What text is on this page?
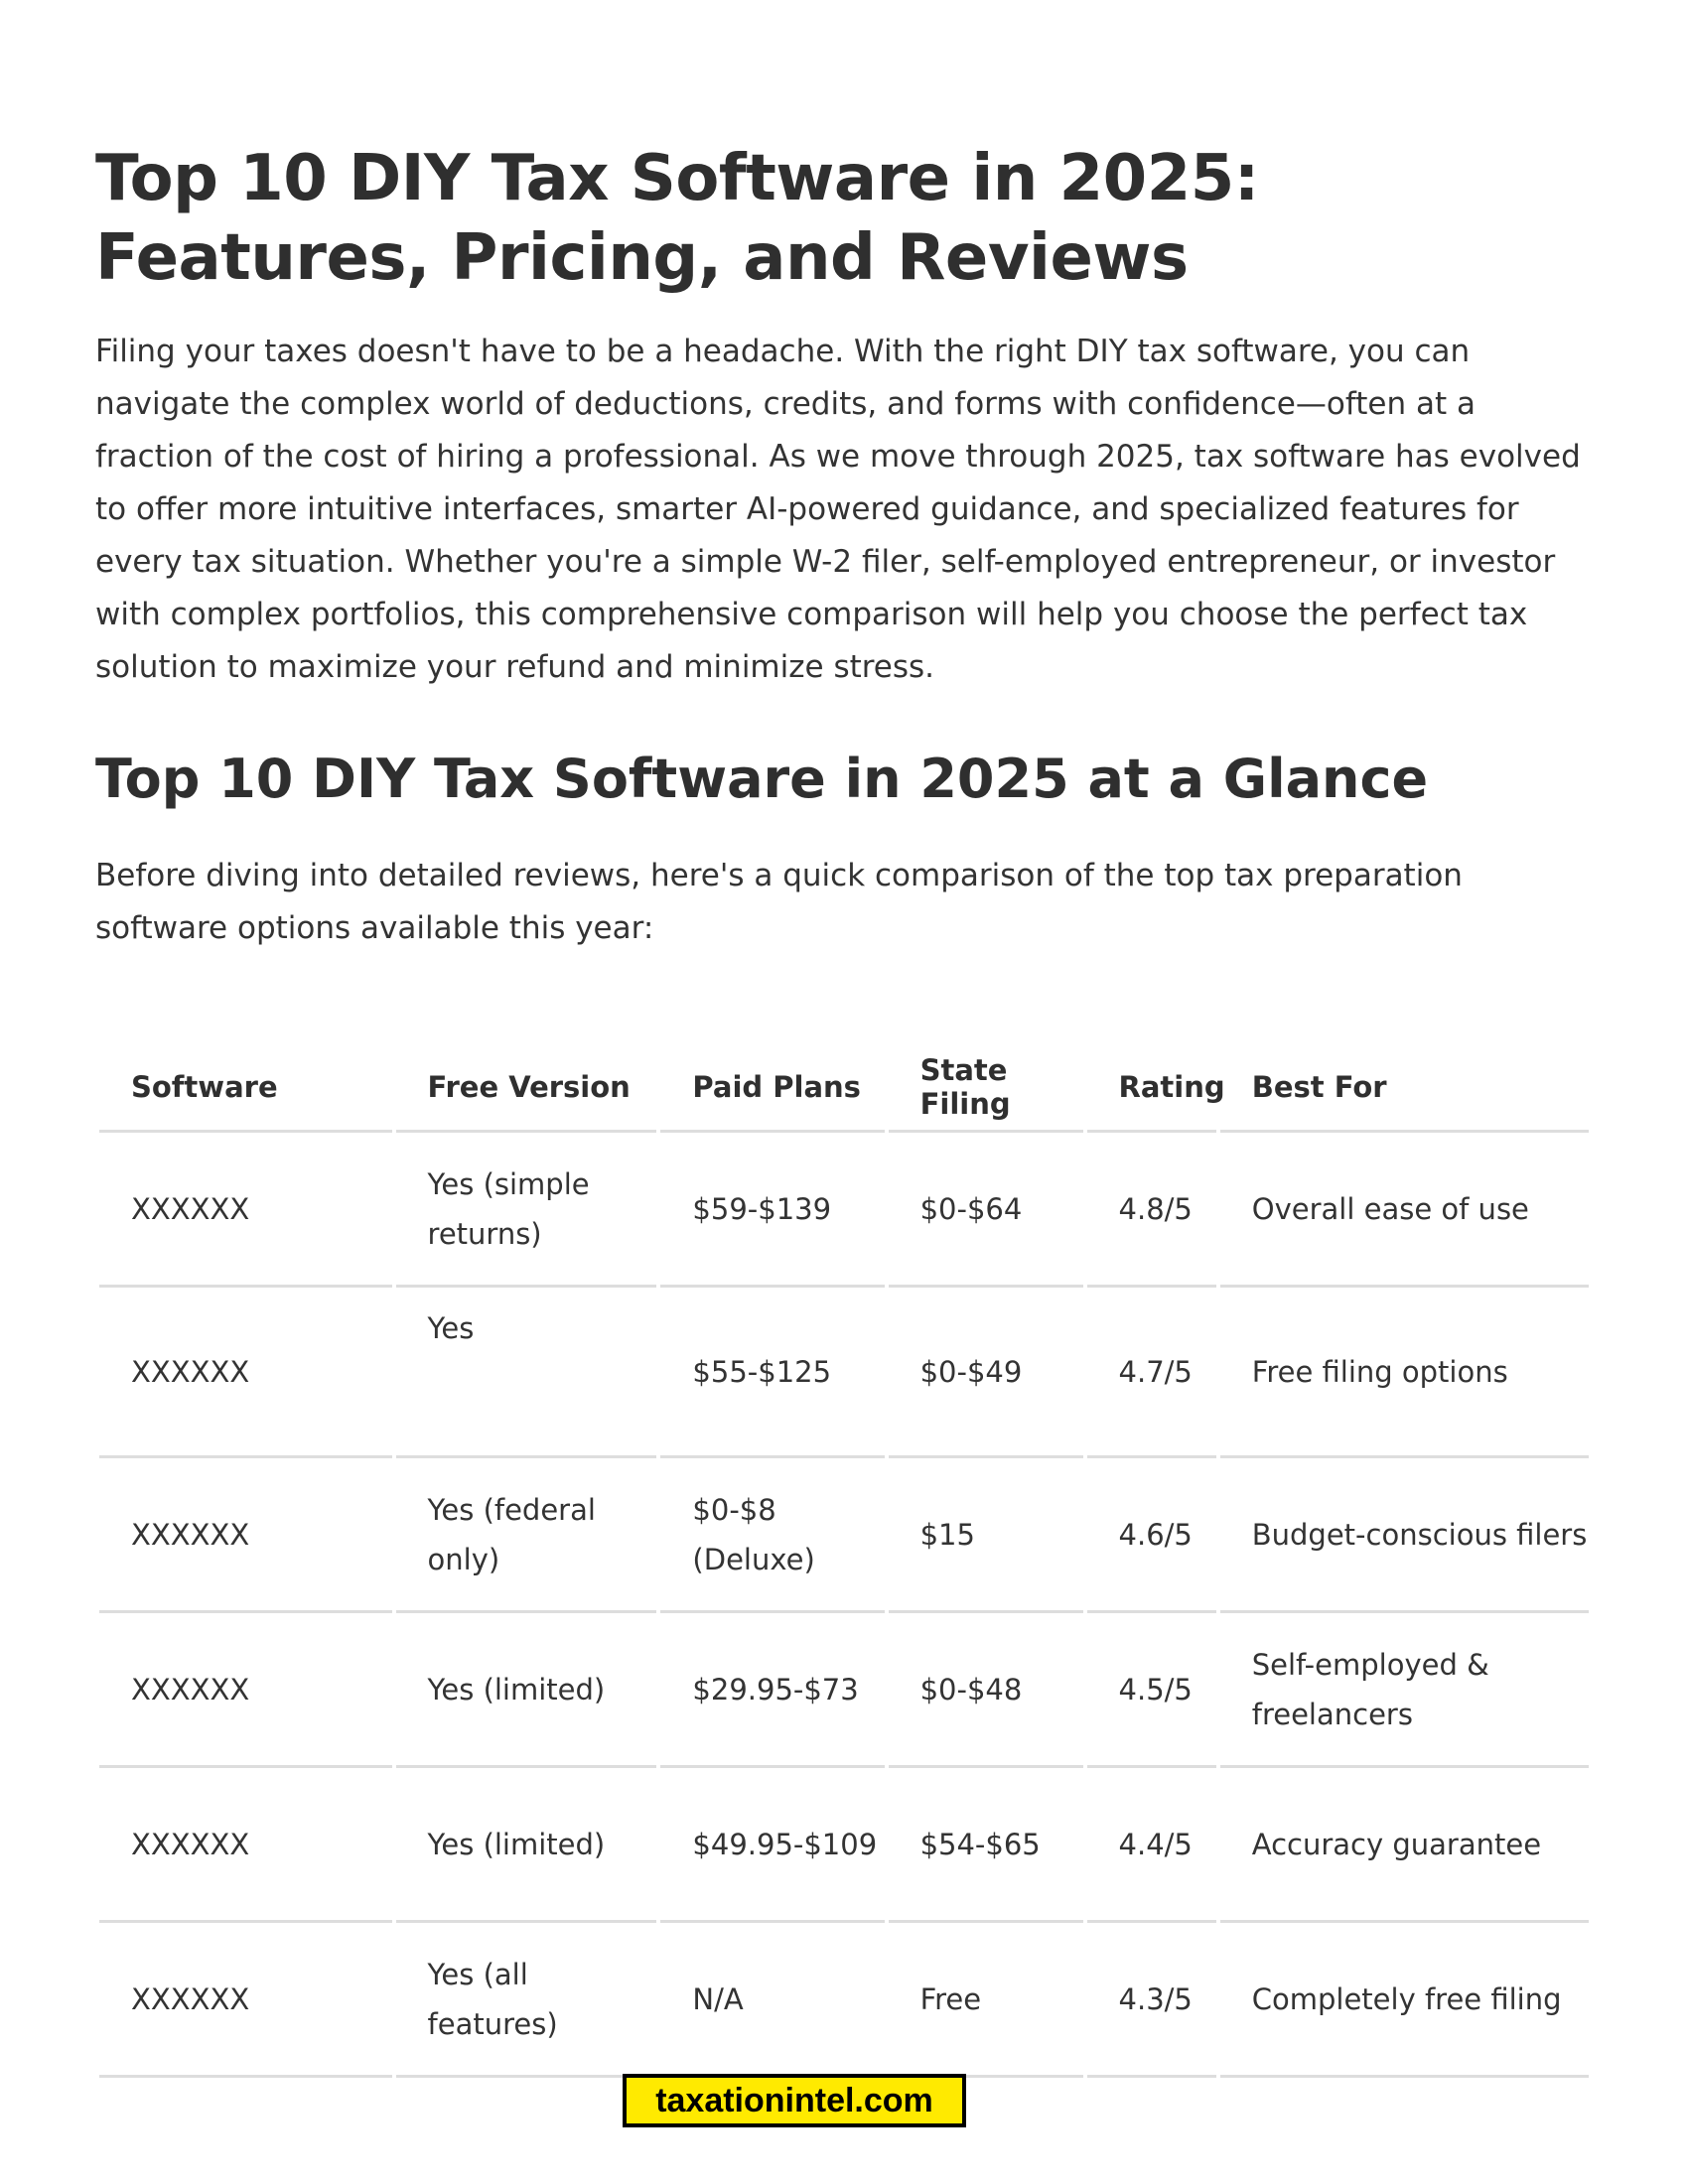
Top 10 DIY Tax Software in 2025: Features, Pricing, and Reviews

Filing your taxes doesn't have to be a headache. With the right DIY tax software, you can navigate the complex world of deductions, credits, and forms with confidence—often at a fraction of the cost of hiring a professional. As we move through 2025, tax software has evolved to offer more intuitive interfaces, smarter AI-powered guidance, and specialized features for every tax situation. Whether you're a simple W-2 filer, self-employed entrepreneur, or investor with complex portfolios, this comprehensive comparison will help you choose the perfect tax solution to maximize your refund and minimize stress.

Top 10 DIY Tax Software in 2025 at a Glance

Before diving into detailed reviews, here's a quick comparison of the top tax preparation software options available this year:

Software	Free Version	Paid Plans	State Filing	Rating	Best For
XXXXXX	Yes (simple returns)	$59-$139	$0-$64	4.8/5	Overall ease of use
XXXXXX	Yes	$55-$125	$0-$49	4.7/5	Free filing options
XXXXXX	Yes (federal only)	$0-$8 (Deluxe)	$15	4.6/5	Budget-conscious filers
XXXXXX	Yes (limited)	$29.95-$73	$0-$48	4.5/5	Self-employed & freelancers
XXXXXX	Yes (limited)	$49.95-$109	$54-$65	4.4/5	Accuracy guarantee
XXXXXX	Yes (all features)	N/A	Free	4.3/5	Completely free filing
taxationintel.com
